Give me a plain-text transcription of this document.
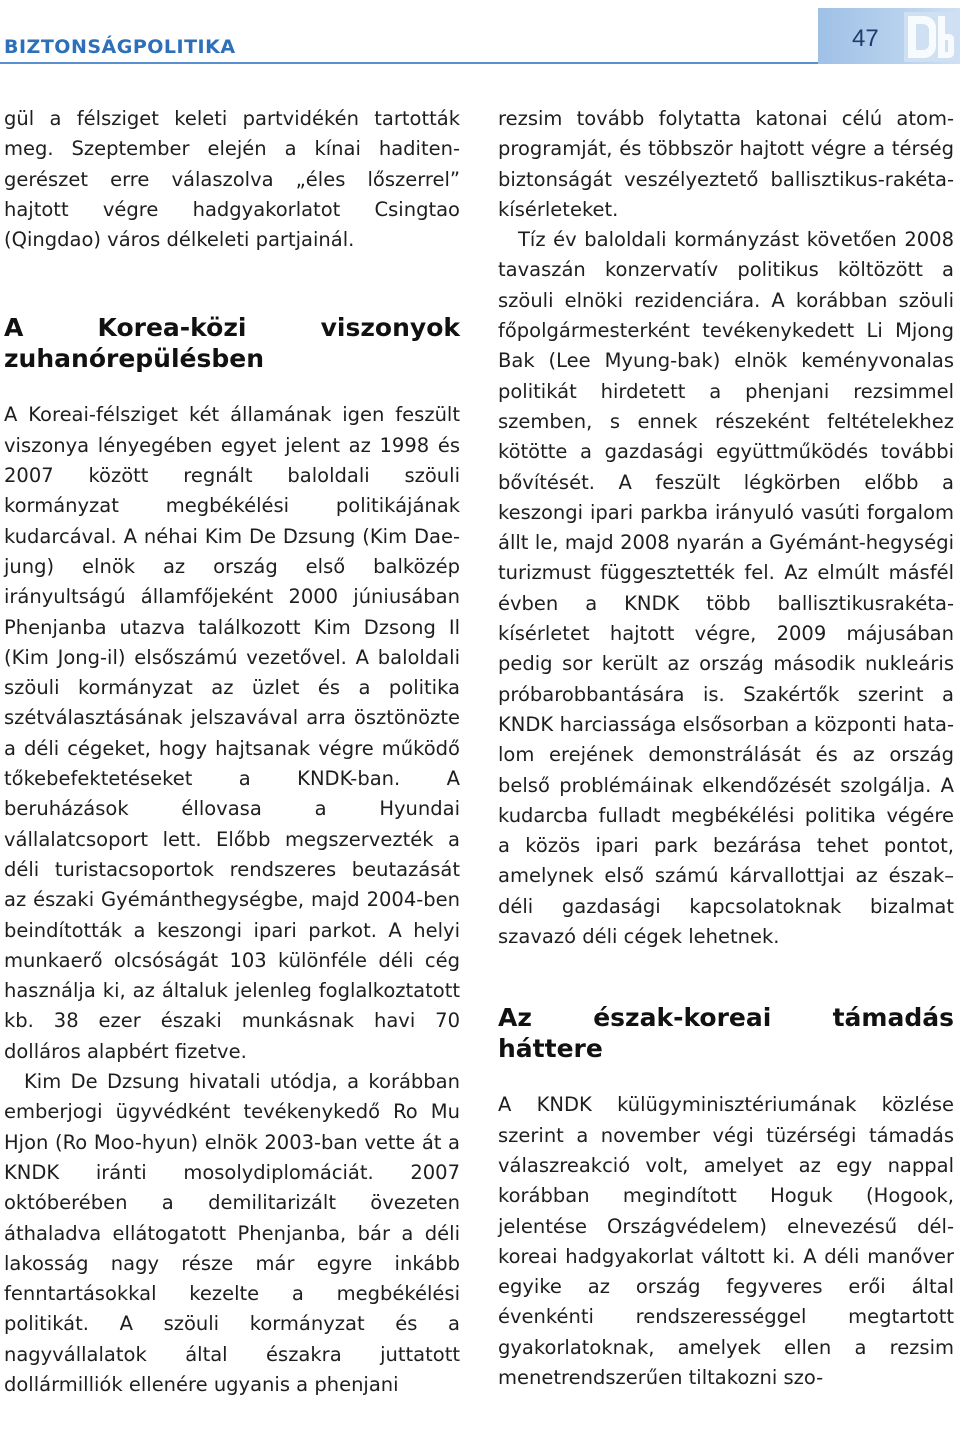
BIZTONSÁGPOLITIKA	47

gül a félsziget keleti partvidékén tartották meg. Szeptember elején a kínai haditengerészet erre válaszolva „éles lőszerrel” hajtott végre hadgyakorlatot Csingtao (Qingdao) város délkeleti partjainál.

A Korea-közi viszonyok zuhanórepülésben

A Koreai-félsziget két államának igen feszült viszonya lényegében egyet jelent az 1998 és 2007 között regnált baloldali szöuli kormányzat megbékélési politikájának kudarcával. A néhai Kim De Dzsung (Kim Dae-jung) elnök az ország első balközép irányultságú államfőjeként 2000 júniusában Phenjanba utazva találkozott Kim Dzsong Il (Kim Jong-il) elsőszámú vezetővel. A baloldali szöuli kormányzat az üzlet és a politika szétválasztásának jelszavával arra ösztönözte a déli cégeket, hogy hajtsanak végre működő tőkebefektetéseket a KNDK-ban. A beruházások éllovasa a Hyundai vállalatcsoport lett. Előbb megszervezték a déli turistacsoportok rendszeres beutazását az északi Gyémánthegységbe, majd 2004-ben beindították a keszongi ipari parkot. A helyi munkaerő olcsóságát 103 különféle déli cég használja ki, az általuk jelenleg foglalkoztatott kb. 38 ezer északi munkásnak havi 70 dolláros alapbért fizetve.

Kim De Dzsung hivatali utódja, a korábban emberjogi ügyvédként tevékenykedő Ro Mu Hjon (Ro Moo-hyun) elnök 2003-ban vette át a KNDK iránti mosolydiplomáciát. 2007 októberében a demilitarizált övezeten áthaladva ellátogatott Phenjanba, bár a déli lakosság nagy része már egyre inkább fenntartásokkal kezelte a megbékélési politikát. A szöuli kormányzat és a nagyvállalatok által északra juttatott dollármilliók ellenére ugyanis a phenjani

rezsim tovább folytatta katonai célú atomprogramját, és többször hajtott végre a térség biztonságát veszélyeztető ballisztikus-rakéta-kísérleteket.

Tíz év baloldali kormányzást követően 2008 tavaszán konzervatív politikus költözött a szöuli elnöki rezidenciára. A korábban szöuli főpolgármesterként tevékenykedett Li Mjong Bak (Lee Myung-bak) elnök keményvonalas politikát hirdetett a phenjani rezsimmel szemben, s ennek részeként feltételekhez kötötte a gazdasági együttműködés további bővítését. A feszült légkörben előbb a keszongi ipari parkba irányuló vasúti forgalom állt le, majd 2008 nyarán a Gyémánt-hegységi turizmust függesztették fel. Az elmúlt másfél évben a KNDK több ballisztikusrakéta-kísérletet hajtott végre, 2009 májusában pedig sor került az ország második nukleáris próbarobbantására is. Szakértők szerint a KNDK harciassága elsősorban a központi hatalom erejének demonstrálását és az ország belső problémáinak elkendőzését szolgálja. A kudarcba fulladt megbékélési politika végére a közös ipari park bezárása tehet pontot, amelynek első számú kárvallottjai az észak–déli gazdasági kapcsolatoknak bizalmat szavazó déli cégek lehetnek.

Az észak-koreai támadás háttere

A KNDK külügyminisztériumának közlése szerint a november végi tüzérségi támadás válaszreakció volt, amelyet az egy nappal korábban megindított Hoguk (Hogook, jelentése Országvédelem) elnevezésű dél-koreai hadgyakorlat váltott ki. A déli manőver egyike az ország fegyveres erői által évenkénti rendszerességgel megtartott gyakorlatoknak, amelyek ellen a rezsim menetrendszerűen tiltakozni szo-
